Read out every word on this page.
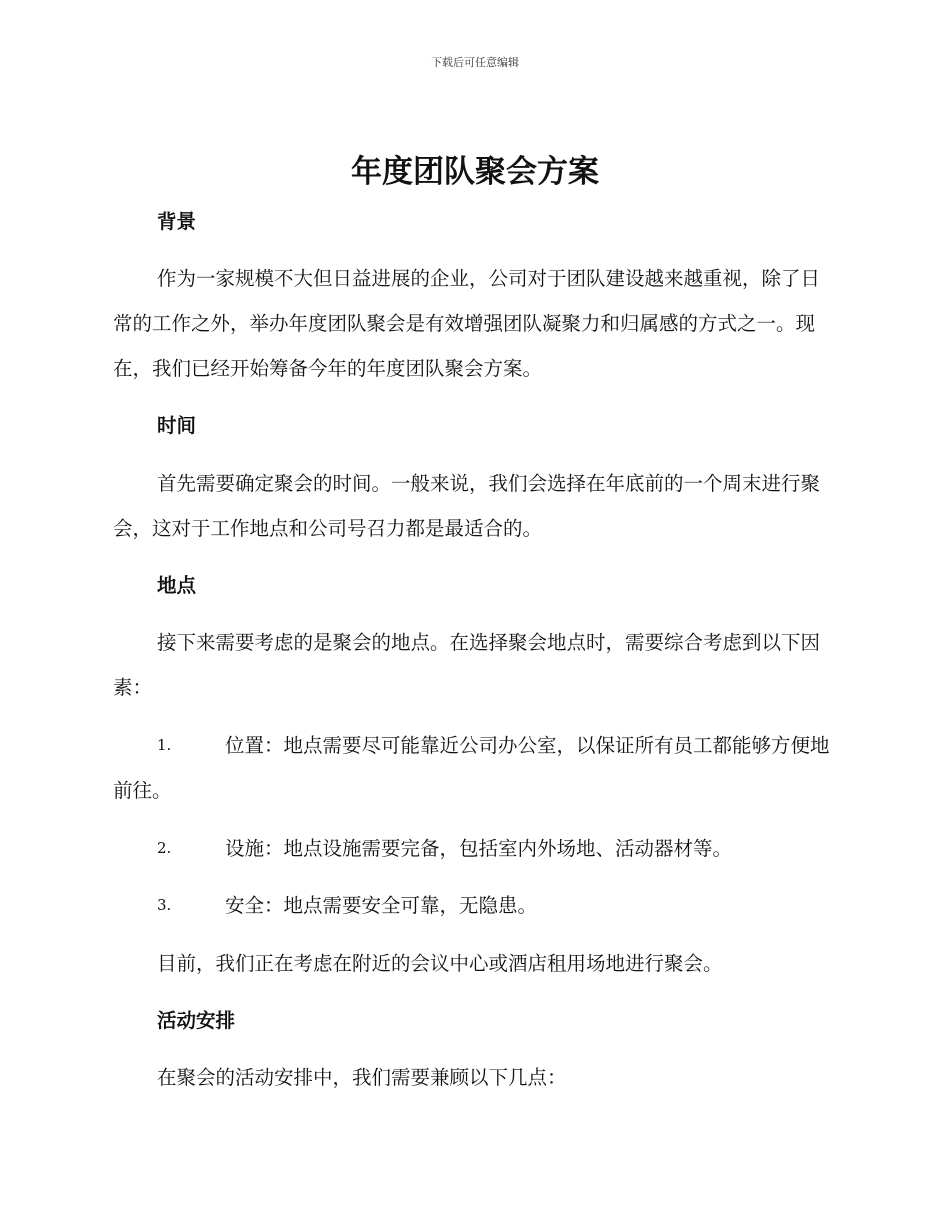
下载后可任意编辑
年度团队聚会方案
背景
作为一家规模不大但日益进展的企业，公司对于团队建设越来越重视，除了日常的工作之外，举办年度团队聚会是有效增强团队凝聚力和归属感的方式之一。现在，我们已经开始筹备今年的年度团队聚会方案。
时间
首先需要确定聚会的时间。一般来说，我们会选择在年底前的一个周末进行聚会，这对于工作地点和公司号召力都是最适合的。
地点
接下来需要考虑的是聚会的地点。在选择聚会地点时，需要综合考虑到以下因素：
1.	位置：地点需要尽可能靠近公司办公室，以保证所有员工都能够方便地前往。
2.	设施：地点设施需要完备，包括室内外场地、活动器材等。
3.	安全：地点需要安全可靠，无隐患。
目前，我们正在考虑在附近的会议中心或酒店租用场地进行聚会。
活动安排
在聚会的活动安排中，我们需要兼顾以下几点：
